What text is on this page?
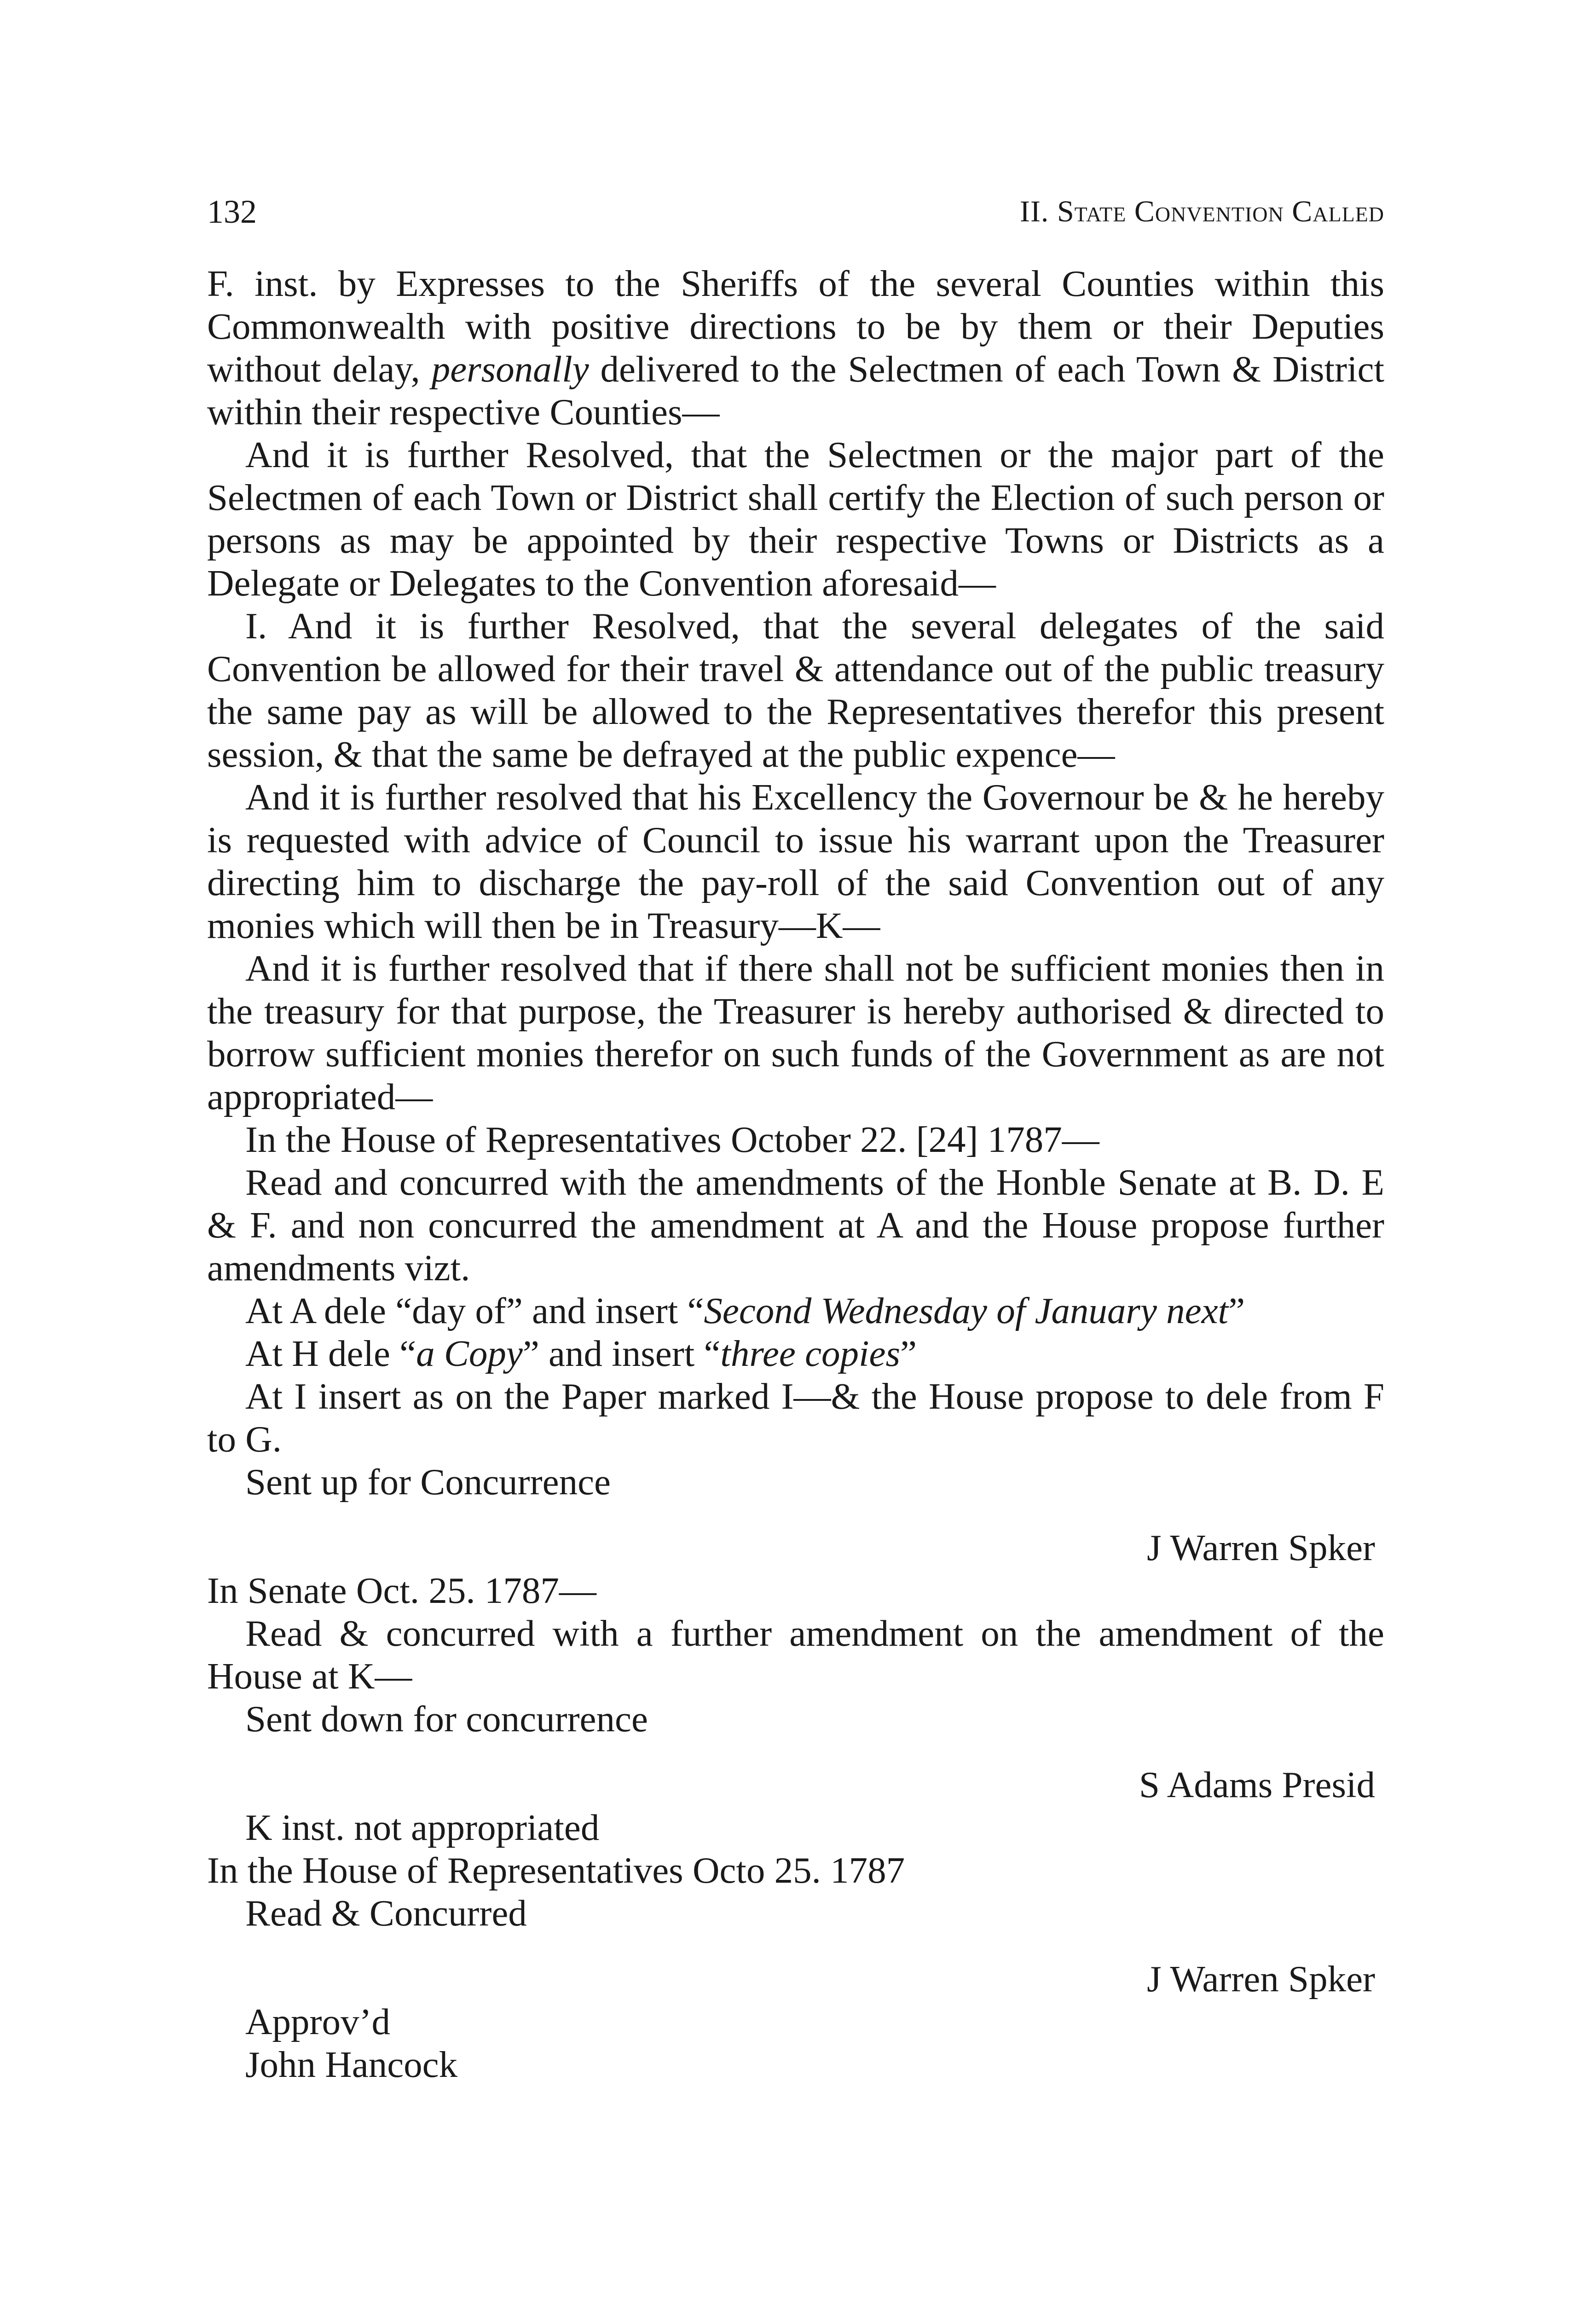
132	II. State Convention Called

F. inst. by Expresses to the Sheriffs of the several Counties within this Commonwealth with positive directions to be by them or their Deputies without delay, personally delivered to the Selectmen of each Town & District within their respective Counties—

And it is further Resolved, that the Selectmen or the major part of the Selectmen of each Town or District shall certify the Election of such person or persons as may be appointed by their respective Towns or Districts as a Delegate or Delegates to the Convention aforesaid—

I. And it is further Resolved, that the several delegates of the said Convention be allowed for their travel & attendance out of the public treasury the same pay as will be allowed to the Representatives therefor this present session, & that the same be defrayed at the public expence—

And it is further resolved that his Excellency the Governour be & he hereby is requested with advice of Council to issue his warrant upon the Treasurer directing him to discharge the pay-roll of the said Convention out of any monies which will then be in Treasury—K—

And it is further resolved that if there shall not be sufficient monies then in the treasury for that purpose, the Treasurer is hereby authorised & directed to borrow sufficient monies therefor on such funds of the Government as are not appropriated—

In the House of Representatives October 22. [24] 1787—

Read and concurred with the amendments of the Honble Senate at B. D. E & F. and non concurred the amendment at A and the House propose further amendments vizt.

At A dele “day of” and insert “Second Wednesday of January next”

At H dele “a Copy” and insert “three copies”

At I insert as on the Paper marked I—& the House propose to dele from F to G.

Sent up for Concurrence

J Warren Spker

In Senate Oct. 25. 1787—

Read & concurred with a further amendment on the amendment of the House at K—

Sent down for concurrence

S Adams Presid

K inst. not appropriated

In the House of Representatives Octo 25. 1787

Read & Concurred

J Warren Spker

Approv’d

John Hancock
